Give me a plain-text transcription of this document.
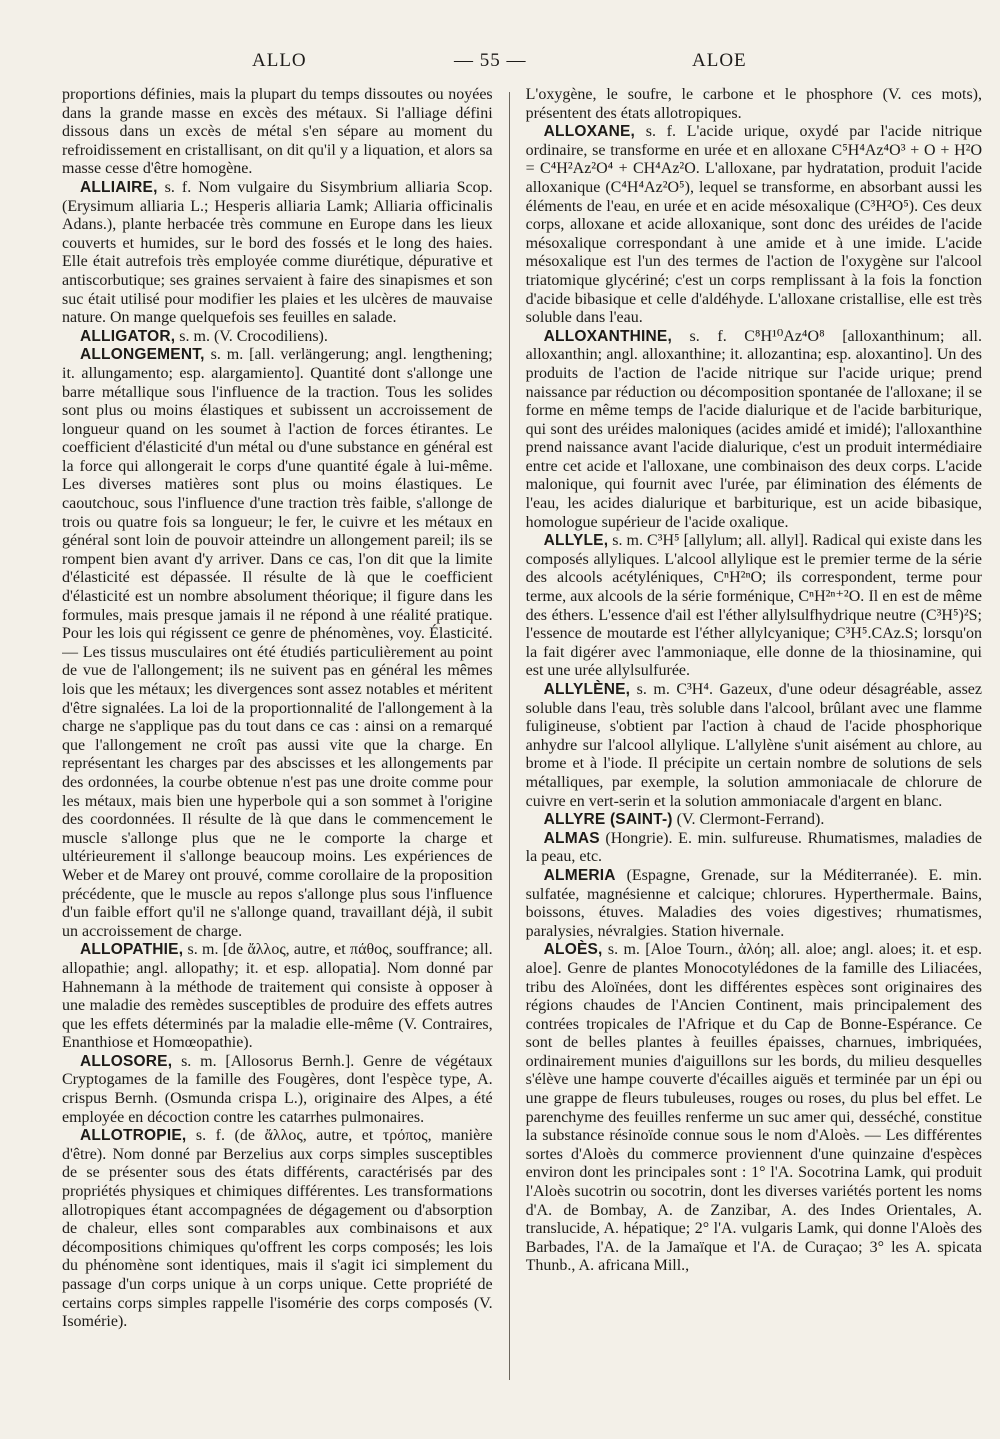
ALLO	— 55 —	ALOE

proportions définies, mais la plupart du temps dissoutes ou noyées dans la grande masse en excès des métaux. Si l'alliage défini dissous dans un excès de métal s'en sépare au moment du refroidissement en cristallisant, on dit qu'il y a liquation, et alors sa masse cesse d'être homogène.

ALLIAIRE, s. f. Nom vulgaire du Sisymbrium alliaria Scop. (Erysimum alliaria L.; Hesperis alliaria Lamk; Alliaria officinalis Adans.), plante herbacée très commune en Europe dans les lieux couverts et humides, sur le bord des fossés et le long des haies. Elle était autrefois très employée comme diurétique, dépurative et antiscorbutique; ses graines servaient à faire des sinapismes et son suc était utilisé pour modifier les plaies et les ulcères de mauvaise nature. On mange quelquefois ses feuilles en salade.

ALLIGATOR, s. m. (V. Crocodiliens).

ALLONGEMENT, s. m. [all. verlängerung; angl. lengthening; it. allungamento; esp. alargamiento]. Quantité dont s'allonge une barre métallique sous l'influence de la traction. Tous les solides sont plus ou moins élastiques et subissent un accroissement de longueur quand on les soumet à l'action de forces étirantes. Le coefficient d'élasticité d'un métal ou d'une substance en général est la force qui allongerait le corps d'une quantité égale à lui-même. Les diverses matières sont plus ou moins élastiques. Le caoutchouc, sous l'influence d'une traction très faible, s'allonge de trois ou quatre fois sa longueur; le fer, le cuivre et les métaux en général sont loin de pouvoir atteindre un allongement pareil; ils se rompent bien avant d'y arriver. Dans ce cas, l'on dit que la limite d'élasticité est dépassée. Il résulte de là que le coefficient d'élasticité est un nombre absolument théorique; il figure dans les formules, mais presque jamais il ne répond à une réalité pratique. Pour les lois qui régissent ce genre de phénomènes, voy. Élasticité. — Les tissus musculaires ont été étudiés particulièrement au point de vue de l'allongement; ils ne suivent pas en général les mêmes lois que les métaux; les divergences sont assez notables et méritent d'être signalées. La loi de la proportionnalité de l'allongement à la charge ne s'applique pas du tout dans ce cas : ainsi on a remarqué que l'allongement ne croît pas aussi vite que la charge. En représentant les charges par des abscisses et les allongements par des ordonnées, la courbe obtenue n'est pas une droite comme pour les métaux, mais bien une hyperbole qui a son sommet à l'origine des coordonnées. Il résulte de là que dans le commencement le muscle s'allonge plus que ne le comporte la charge et ultérieurement il s'allonge beaucoup moins. Les expériences de Weber et de Marey ont prouvé, comme corollaire de la proposition précédente, que le muscle au repos s'allonge plus sous l'influence d'un faible effort qu'il ne s'allonge quand, travaillant déjà, il subit un accroissement de charge.

ALLOPATHIE, s. m. [de ἄλλος, autre, et πάθος, souffrance; all. allopathie; angl. allopathy; it. et esp. allopatia]. Nom donné par Hahnemann à la méthode de traitement qui consiste à opposer à une maladie des remèdes susceptibles de produire des effets autres que les effets déterminés par la maladie elle-même (V. Contraires, Enanthiose et Homœopathie).

ALLOSORE, s. m. [Allosorus Bernh.]. Genre de végétaux Cryptogames de la famille des Fougères, dont l'espèce type, A. crispus Bernh. (Osmunda crispa L.), originaire des Alpes, a été employée en décoction contre les catarrhes pulmonaires.

ALLOTROPIE, s. f. (de ἄλλος, autre, et τρόπος, manière d'être). Nom donné par Berzelius aux corps simples susceptibles de se présenter sous des états différents, caractérisés par des propriétés physiques et chimiques différentes. Les transformations allotropiques étant accompagnées de dégagement ou d'absorption de chaleur, elles sont comparables aux combinaisons et aux décompositions chimiques qu'offrent les corps composés; les lois du phénomène sont identiques, mais il s'agit ici simplement du passage d'un corps unique à un corps unique. Cette propriété de certains corps simples rappelle l'isomérie des corps composés (V. Isomérie).

L'oxygène, le soufre, le carbone et le phosphore (V. ces mots), présentent des états allotropiques.

ALLOXANE, s. f. L'acide urique, oxydé par l'acide nitrique ordinaire, se transforme en urée et en alloxane C⁵H⁴Az⁴O³ + O + H²O = C⁴H²Az²O⁴ + CH⁴Az²O. L'alloxane, par hydratation, produit l'acide alloxanique (C⁴H⁴Az²O⁵), lequel se transforme, en absorbant aussi les éléments de l'eau, en urée et en acide mésoxalique (C³H²O⁵). Ces deux corps, alloxane et acide alloxanique, sont donc des uréides de l'acide mésoxalique correspondant à une amide et à une imide. L'acide mésoxalique est l'un des termes de l'action de l'oxygène sur l'alcool triatomique glycériné; c'est un corps remplissant à la fois la fonction d'acide bibasique et celle d'aldéhyde. L'alloxane cristallise, elle est très soluble dans l'eau.

ALLOXANTHINE, s. f. C⁸H¹⁰Az⁴O⁸ [alloxanthinum; all. alloxanthin; angl. alloxanthine; it. allozantina; esp. aloxantino]. Un des produits de l'action de l'acide nitrique sur l'acide urique; prend naissance par réduction ou décomposition spontanée de l'alloxane; il se forme en même temps de l'acide dialurique et de l'acide barbiturique, qui sont des uréides maloniques (acides amidé et imidé); l'alloxanthine prend naissance avant l'acide dialurique, c'est un produit intermédiaire entre cet acide et l'alloxane, une combinaison des deux corps. L'acide malonique, qui fournit avec l'urée, par élimination des éléments de l'eau, les acides dialurique et barbiturique, est un acide bibasique, homologue supérieur de l'acide oxalique.

ALLYLE, s. m. C³H⁵ [allylum; all. allyl]. Radical qui existe dans les composés allyliques. L'alcool allylique est le premier terme de la série des alcools acétyléniques, CⁿH²ⁿO; ils correspondent, terme pour terme, aux alcools de la série forménique, CⁿH²ⁿ⁺²O. Il en est de même des éthers. L'essence d'ail est l'éther allylsulfhydrique neutre (C³H⁵)²S; l'essence de moutarde est l'éther allylcyanique; C³H⁵.CAz.S; lorsqu'on la fait digérer avec l'ammoniaque, elle donne de la thiosinamine, qui est une urée allylsulfurée.

ALLYLÈNE, s. m. C³H⁴. Gazeux, d'une odeur désagréable, assez soluble dans l'eau, très soluble dans l'alcool, brûlant avec une flamme fuligineuse, s'obtient par l'action à chaud de l'acide phosphorique anhydre sur l'alcool allylique. L'allylène s'unit aisément au chlore, au brome et à l'iode. Il précipite un certain nombre de solutions de sels métalliques, par exemple, la solution ammoniacale de chlorure de cuivre en vert-serin et la solution ammoniacale d'argent en blanc.

ALLYRE (SAINT-) (V. Clermont-Ferrand).

ALMAS (Hongrie). E. min. sulfureuse. Rhumatismes, maladies de la peau, etc.

ALMERIA (Espagne, Grenade, sur la Méditerranée). E. min. sulfatée, magnésienne et calcique; chlorures. Hyperthermale. Bains, boissons, étuves. Maladies des voies digestives; rhumatismes, paralysies, névralgies. Station hivernale.

ALOÈS, s. m. [Aloe Tourn., ἀλόη; all. aloe; angl. aloes; it. et esp. aloe]. Genre de plantes Monocotylédones de la famille des Liliacées, tribu des Aloïnées, dont les différentes espèces sont originaires des régions chaudes de l'Ancien Continent, mais principalement des contrées tropicales de l'Afrique et du Cap de Bonne-Espérance. Ce sont de belles plantes à feuilles épaisses, charnues, imbriquées, ordinairement munies d'aiguillons sur les bords, du milieu desquelles s'élève une hampe couverte d'écailles aiguës et terminée par un épi ou une grappe de fleurs tubuleuses, rouges ou roses, du plus bel effet. Le parenchyme des feuilles renferme un suc amer qui, desséché, constitue la substance résinoïde connue sous le nom d'Aloès. — Les différentes sortes d'Aloès du commerce proviennent d'une quinzaine d'espèces environ dont les principales sont : 1° l'A. Socotrina Lamk, qui produit l'Aloès sucotrin ou socotrin, dont les diverses variétés portent les noms d'A. de Bombay, A. de Zanzibar, A. des Indes Orientales, A. translucide, A. hépatique; 2° l'A. vulgaris Lamk, qui donne l'Aloès des Barbades, l'A. de la Jamaïque et l'A. de Curaçao; 3° les A. spicata Thunb., A. africana Mill.,
